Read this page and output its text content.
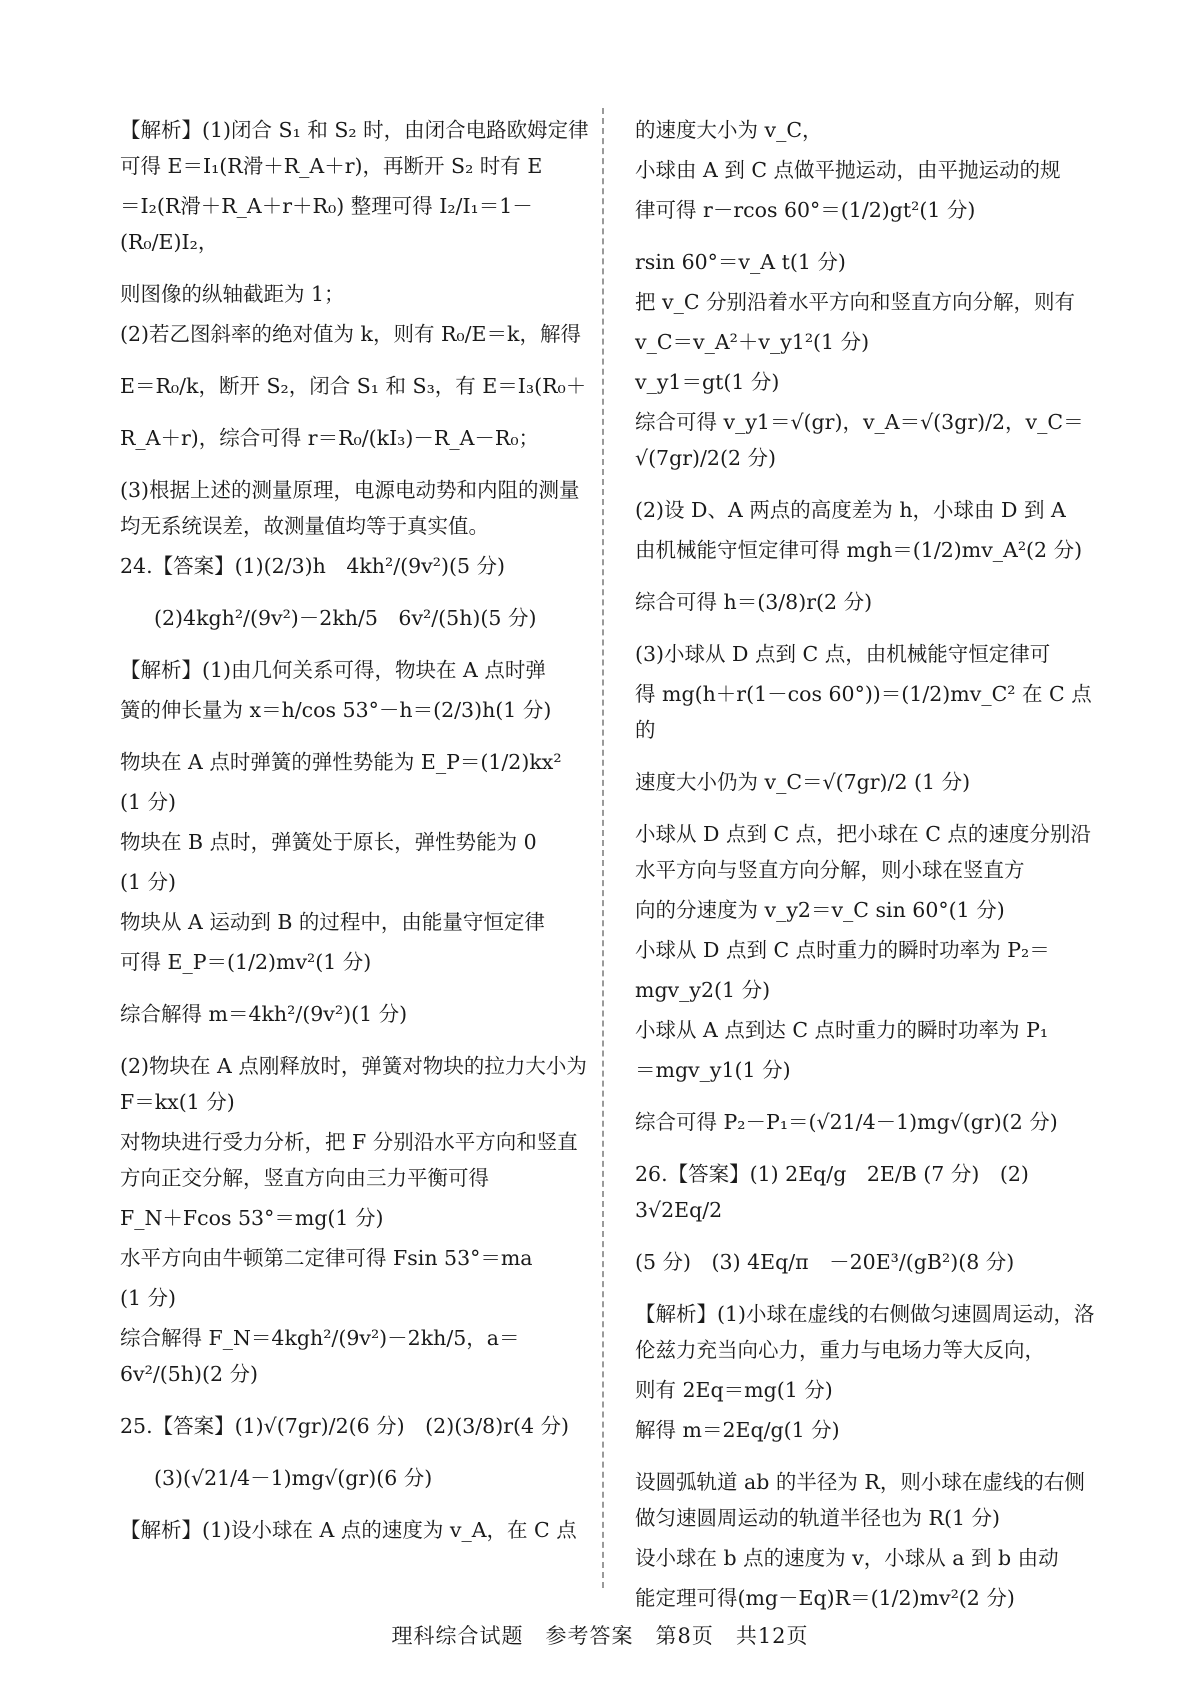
【解析】(1)闭合 S₁ 和 S₂ 时，由闭合电路欧姆定律可得 E＝I₁(R滑＋R_A＋r)，再断开 S₂ 时有 E

＝I₂(R滑＋R_A＋r＋R₀) 整理可得 I₂/I₁＝1－(R₀/E)I₂，

则图像的纵轴截距为 1；

(2)若乙图斜率的绝对值为 k，则有 R₀/E＝k，解得

E＝R₀/k，断开 S₂，闭合 S₁ 和 S₃，有 E＝I₃(R₀＋

R_A＋r)，综合可得 r＝R₀/(kI₃)－R_A－R₀；

(3)根据上述的测量原理，电源电动势和内阻的测量均无系统误差，故测量值均等于真实值。

24.【答案】(1)(2/3)h　4kh²/(9v²)(5 分)

(2)4kgh²/(9v²)－2kh/5　6v²/(5h)(5 分)

【解析】(1)由几何关系可得，物块在 A 点时弹

簧的伸长量为 x＝h/cos 53°－h＝(2/3)h(1 分)

物块在 A 点时弹簧的弹性势能为 E_P＝(1/2)kx²

(1 分)

物块在 B 点时，弹簧处于原长，弹性势能为 0

(1 分)

物块从 A 运动到 B 的过程中，由能量守恒定律

可得 E_P＝(1/2)mv²(1 分)

综合解得 m＝4kh²/(9v²)(1 分)

(2)物块在 A 点刚释放时，弹簧对物块的拉力大小为 F＝kx(1 分)

对物块进行受力分析，把 F 分别沿水平方向和竖直方向正交分解，竖直方向由三力平衡可得

F_N＋Fcos 53°＝mg(1 分)

水平方向由牛顿第二定律可得 Fsin 53°＝ma

(1 分)

综合解得 F_N＝4kgh²/(9v²)－2kh/5，a＝6v²/(5h)(2 分)

25.【答案】(1)√(7gr)/2(6 分)　(2)(3/8)r(4 分)

(3)(√21/4－1)mg√(gr)(6 分)

【解析】(1)设小球在 A 点的速度为 v_A，在 C 点

的速度大小为 v_C，

小球由 A 到 C 点做平抛运动，由平抛运动的规

律可得 r－rcos 60°＝(1/2)gt²(1 分)

rsin 60°＝v_A t(1 分)

把 v_C 分别沿着水平方向和竖直方向分解，则有

v_C＝v_A²＋v_y1²(1 分)

v_y1＝gt(1 分)

综合可得 v_y1＝√(gr)，v_A＝√(3gr)/2，v_C＝√(7gr)/2(2 分)

(2)设 D、A 两点的高度差为 h，小球由 D 到 A

由机械能守恒定律可得 mgh＝(1/2)mv_A²(2 分)

综合可得 h＝(3/8)r(2 分)

(3)小球从 D 点到 C 点，由机械能守恒定律可

得 mg(h＋r(1－cos 60°))＝(1/2)mv_C² 在 C 点的

速度大小仍为 v_C＝√(7gr)/2 (1 分)

小球从 D 点到 C 点，把小球在 C 点的速度分别沿水平方向与竖直方向分解，则小球在竖直方

向的分速度为 v_y2＝v_C sin 60°(1 分)

小球从 D 点到 C 点时重力的瞬时功率为 P₂＝

mgv_y2(1 分)

小球从 A 点到达 C 点时重力的瞬时功率为 P₁

＝mgv_y1(1 分)

综合可得 P₂－P₁＝(√21/4－1)mg√(gr)(2 分)

26.【答案】(1) 2Eq/g　2E/B (7 分)　(2) 3√2Eq/2

(5 分)　(3) 4Eq/π　－20E³/(gB²)(8 分)

【解析】(1)小球在虚线的右侧做匀速圆周运动，洛伦兹力充当向心力，重力与电场力等大反向，

则有 2Eq＝mg(1 分)

解得 m＝2Eq/g(1 分)

设圆弧轨道 ab 的半径为 R，则小球在虚线的右侧做匀速圆周运动的轨道半径也为 R(1 分)

设小球在 b 点的速度为 v，小球从 a 到 b 由动

能定理可得(mg－Eq)R＝(1/2)mv²(2 分)

理科综合试题　参考答案　第8页　共12页
